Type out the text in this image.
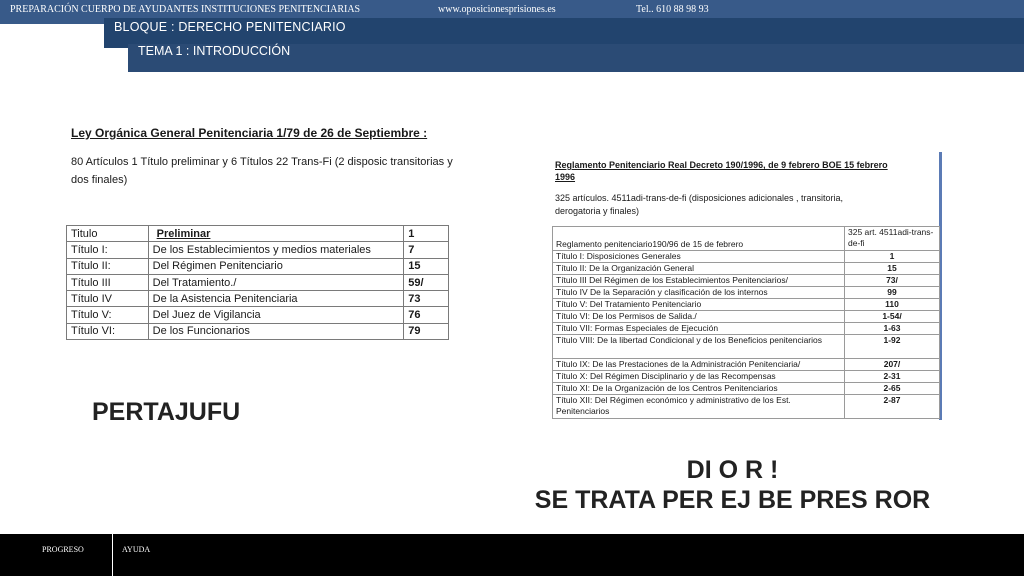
PREPARACIÓN CUERPO DE AYUDANTES INSTITUCIONES PENITENCIARIAS	www.oposicionesprisiones.es	Tel.. 610 88 98 93
BLOQUE : DERECHO PENITENCIARIO
TEMA 1 : INTRODUCCIÓN
Ley Orgánica General Penitenciaria 1/79 de 26 de Septiembre :
80 Artículos 1 Título preliminar y 6 Títulos 22 Trans-Fi (2 disposic transitorias y dos finales)
Titulo	Preliminar	1
Título I:	De los Establecimientos y medios materiales	7
Título II:	Del Régimen Penitenciario	15
Título III	Del Tratamiento./	59/
Título IV	De la Asistencia Penitenciaria	73
Título V:	Del Juez de Vigilancia	76
Título VI:	De los Funcionarios	79
Reglamento Penitenciario Real Decreto 190/1996, de 9 febrero BOE 15 febrero 1996
325 artículos. 4511adi-trans-de-fi (disposiciones adicionales , transitoria, derogatoria y finales)
Reglamento penitenciario190/96 de 15 de febrero	325 art. 4511adi-trans-de-fi
Título I: Disposiciones Generales	1
Título II: De la Organización General	15
Título III Del Régimen de los Establecimientos Penitenciarios/	73/
Título IV De la Separación y clasificación de los internos	99
Título V: Del Tratamiento Penitenciario	110
Título VI: De los Permisos de Salida./	1-54/
Título VII: Formas Especiales de Ejecución	1-63
Título VIII: De la libertad Condicional y de los Beneficios penitenciarios	1-92
Título IX: De las Prestaciones de la Administración Penitenciaria/	207/
Título X: Del Régimen Disciplinario y de las Recompensas	2-31
Título XI: De la Organización de los Centros Penitenciarios	2-65
Título XII: Del Régimen económico y administrativo de los Est. Penitenciarios	2-87
PERTAJUFU
DI O R !
SE TRATA PER EJ BE PRES ROR
PROGRESO	AYUDA
